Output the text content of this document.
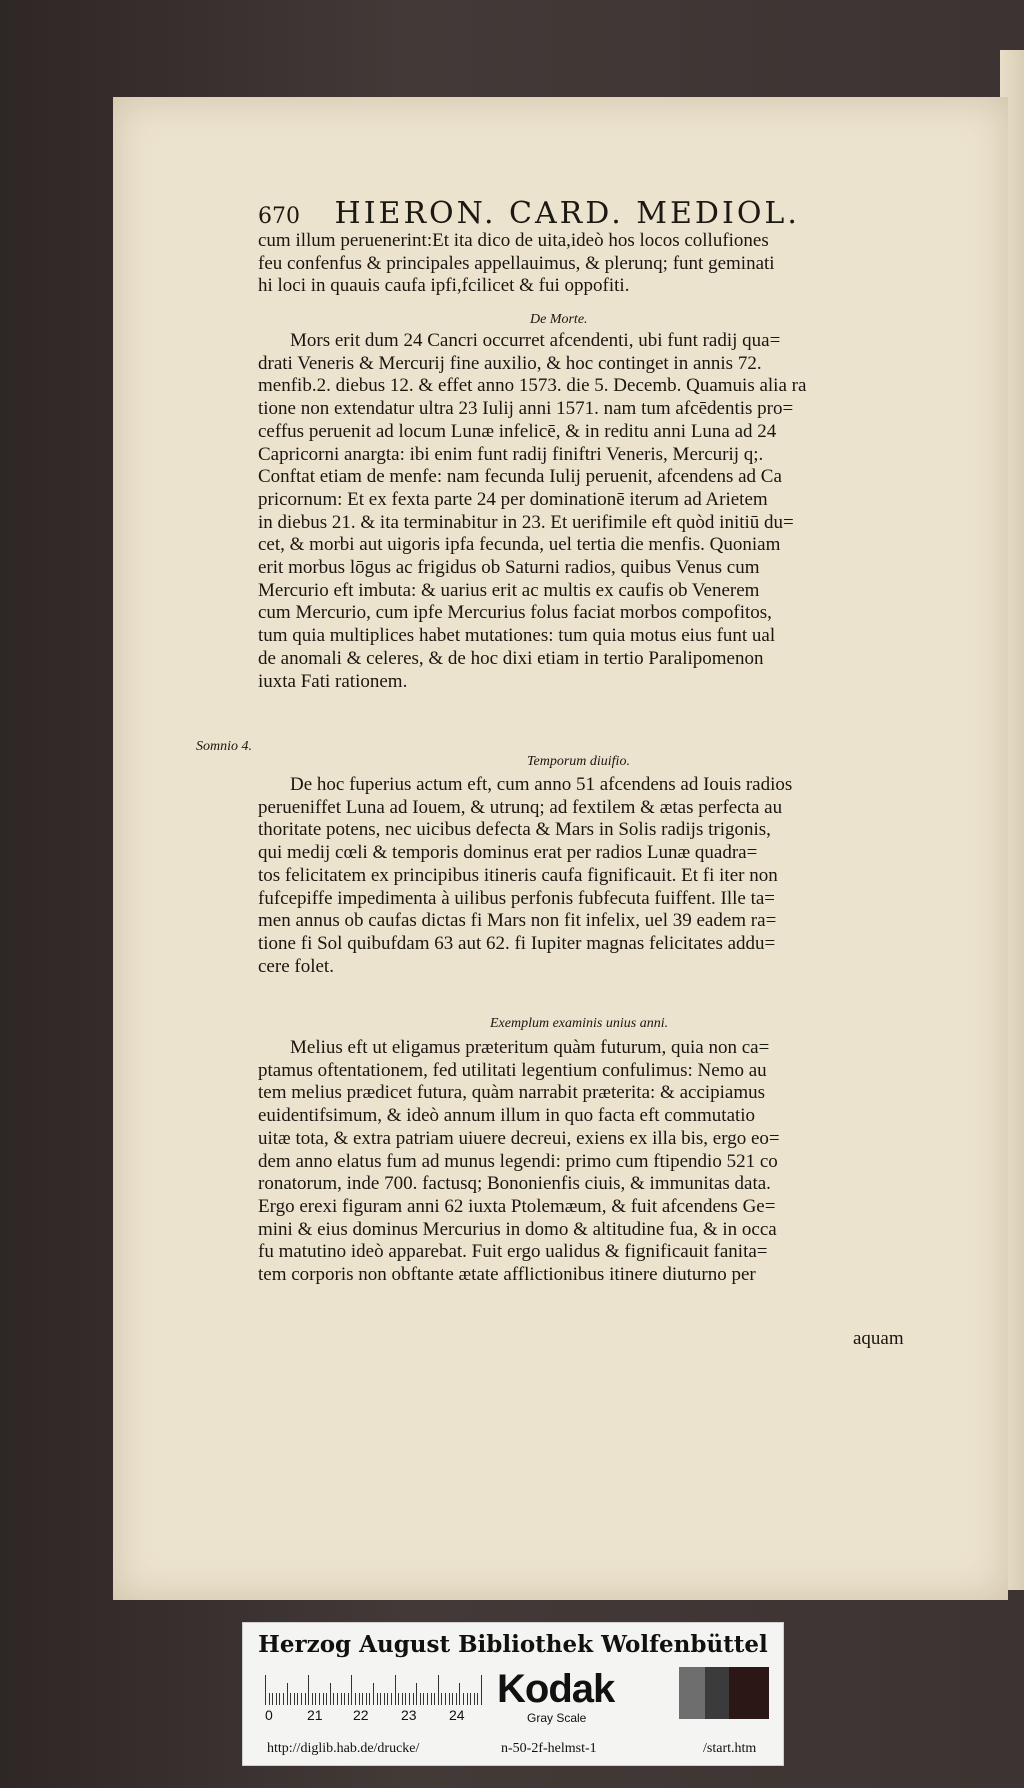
670 HIERON. CARD. MEDIOL.
cum illum peruenerint:Et ita dico de uita,ideò hos locos collufiones
feu confenfus & principales appellauimus, & plerunq; funt geminati
hi loci in quauis caufa ipfi,fcilicet & fui oppofiti.
De Morte.
Mors erit dum 24 Cancri occurret afcendenti, ubi funt radij qua=
drati Veneris & Mercurij fine auxilio, & hoc continget in annis 72.
menfib.2. diebus 12. & effet anno 1573. die 5. Decemb. Quamuis alia ra
tione non extendatur ultra 23 Iulij anni 1571. nam tum afcēdentis pro=
ceffus peruenit ad locum Lunæ infelicē, & in reditu anni Luna ad 24
Capricorni anargta: ibi enim funt radij finiftri Veneris, Mercurij q;.
Conftat etiam de menfe: nam fecunda Iulij peruenit, afcendens ad Ca
pricornum: Et ex fexta parte 24 per dominationē iterum ad Arietem
in diebus 21. & ita terminabitur in 23. Et uerifimile eft quòd initiū du=
cet, & morbi aut uigoris ipfa fecunda, uel tertia die menfis. Quoniam
erit morbus lōgus ac frigidus ob Saturni radios, quibus Venus cum
Mercurio eft imbuta: & uarius erit ac multis ex caufis ob Venerem
cum Mercurio, cum ipfe Mercurius folus faciat morbos compofitos,
tum quia multiplices habet mutationes: tum quia motus eius funt ual
de anomali & celeres, & de hoc dixi etiam in tertio Paralipomenon
iuxta Fati rationem.
Somnio 4.
Temporum diuifio.
De hoc fuperius actum eft, cum anno 51 afcendens ad Iouis radios
perueniffet Luna ad Iouem, & utrunq; ad fextilem & ætas perfecta au
thoritate potens, nec uicibus defecta & Mars in Solis radijs trigonis,
qui medij cœli & temporis dominus erat per radios Lunæ quadra=
tos felicitatem ex principibus itineris caufa fignificauit. Et fi iter non
fufcepiffe impedimenta à uilibus perfonis fubfecuta fuiffent. Ille ta=
men annus ob caufas dictas fi Mars non fit infelix, uel 39 eadem ra=
tione fi Sol quibufdam 63 aut 62. fi Iupiter magnas felicitates addu=
cere folet.
Exemplum examinis unius anni.
Melius eft ut eligamus præteritum quàm futurum, quia non ca=
ptamus oftentationem, fed utilitati legentium confulimus: Nemo au
tem melius prædicet futura, quàm narrabit præterita: & accipiamus
euidentifsimum, & ideò annum illum in quo facta eft commutatio
uitæ tota, & extra patriam uiuere decreui, exiens ex illa bis, ergo eo=
dem anno elatus fum ad munus legendi: primo cum ftipendio 521 co
ronatorum, inde 700. factusq; Bononienfis ciuis, & immunitas data.
Ergo erexi figuram anni 62 iuxta Ptolemæum, & fuit afcendens Ge=
mini & eius dominus Mercurius in domo & altitudine fua, & in occa
fu matutino ideò apparebat. Fuit ergo ualidus & fignificauit fanita=
tem corporis non obftante ætate afflictionibus itinere diuturno per
aquam
Herzog August Bibliothek Wolfenbüttel
0 21 22 23 24
Kodak
Gray Scale
http://diglib.hab.de/drucke/	n-50-2f-helmst-1	/start.htm
